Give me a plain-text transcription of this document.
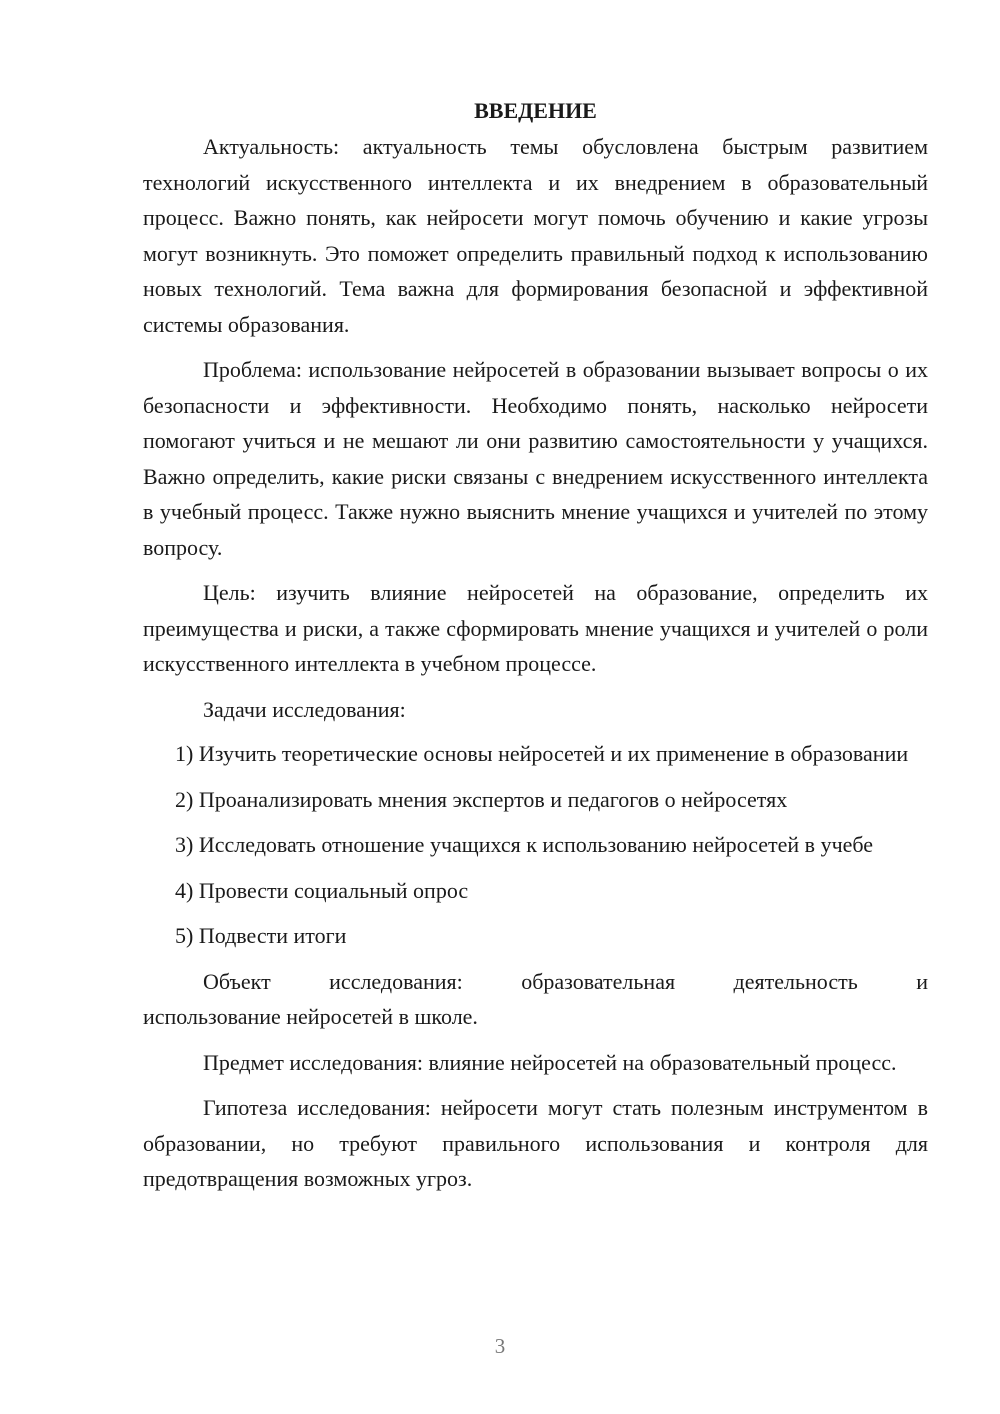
ВВЕДЕНИЕ

Актуальность: актуальность темы обусловлена быстрым развитием технологий искусственного интеллекта и их внедрением в образовательный процесс. Важно понять, как нейросети могут помочь обучению и какие угрозы могут возникнуть. Это поможет определить правильный подход к использованию новых технологий. Тема важна для формирования безопасной и эффективной системы образования.

Проблема: использование нейросетей в образовании вызывает вопросы о их безопасности и эффективности. Необходимо понять, насколько нейросети помогают учиться и не мешают ли они развитию самостоятельности у учащихся. Важно определить, какие риски связаны с внедрением искусственного интеллекта в учебный процесс. Также нужно выяснить мнение учащихся и учителей по этому вопросу.

Цель: изучить влияние нейросетей на образование, определить их преимущества и риски, а также сформировать мнение учащихся и учителей о роли искусственного интеллекта в учебном процессе.

Задачи исследования:

1) Изучить теоретические основы нейросетей и их применение в образовании

2) Проанализировать мнения экспертов и педагогов о нейросетях

3) Исследовать отношение учащихся к использованию нейросетей в учебе

4) Провести социальный опрос

5) Подвести итоги

Объект исследования: образовательная деятельность и

использование нейросетей в школе.

Предмет исследования: влияние нейросетей на образовательный процесс.

Гипотеза исследования: нейросети могут стать полезным инструментом в образовании, но требуют правильного использования и контроля для предотвращения возможных угроз.

3
